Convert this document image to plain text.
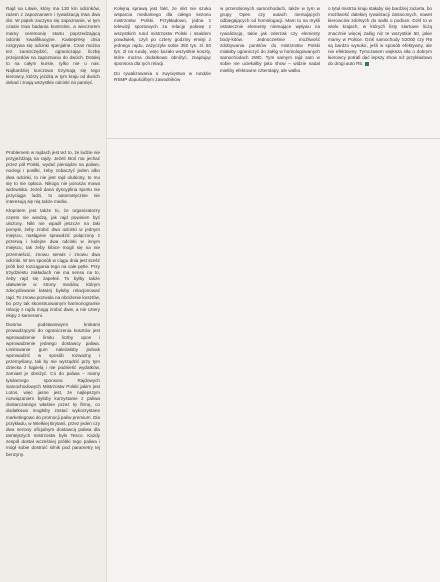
Rajd na Litwie, który ma 130 km odcinków, razem z zapoznaniem i rywalizacją trwa dwa dni. W piątek zaczyna się zapoznanie, w tym czasie trwa badania kontrolne, a wieczorem mamy ceremonię startu poprzedzającą odcinki kwalifikacyjne. Kastepresy dnia rozgrywa się odcinki specjalne. Czas można też zaoszczędzić, ograniczając liczbę przejazdów na zapoznaniu do dwóch. Dotalej to na całym kursie, tylko nie u nas. Najbardziej kurczowo trzymają się tego kierowcy, którzy jeżdżą w tym kraju od dwóch dekad i znają wszystkie odcinki na pamięć.

Problemem w rajdach jest też to, że ludzie nie przyjeżdżają na rajdy. Jeżeli ktoś ma jechać przez pół Polski, wydać pieniądze na paliwo, noclegi i posiłki, żeby zobaczyć jeden albo dwa odcinki, to nie jest rajd ulubiony, to mu się to nie opłaca. Nikogo nie porusza mowa widowiska. Jeżeli dana dyscyplina sportu nie przyciąga ludzi, to automatycznie nie interesują się nią także media.

Kłopotem jest także to, że organizatorzy często nie wiedzą, jak rajd powinien być ułożony. Nikt nie wpadł jeszcze na taki pomysł, żeby zrobić dwa odcinki w jednym miejscu, nasłąpnie sprawdzić połączony z przerwą i kolejne dwa odcinki w innym miejscu, tak żeby kibice mogli się na nie przemieścić, znowu serwis i znowu dwa odcinki. W ten sposób w ciągu dnia jest sześć prób bez rozciągania tego na całe pętle. Przy trzydziestu zakładach nie ma sensu na to, żeby rajd się zapełnił. To byłby także ułatwienie w strony mediów, którym zdecydowanie łatwiej byłoby relacjonować rajd. To znowu pozwala na obniżenie kosztów, bo przy tak skonstruowanym harmonogramie relację z rajdu mogą zrobić dwie, a nie cztery ekipy z kamerami.

Dwoma podstawowymi krokami prowadzącymi do ograniczenia kosztów jest wprowadzenie limitu liczby opon i wprowadzenie jednego dostawcy paliwa. Limitowanie gum należałoby jednak wprowadzić w sposób rozważny i przemyślany, tak by nie wyrządzić przy tym dziecka z kąpielą i nie podnieść wydatków, zamiast je obniżyć. Co do paliwa – mamy tytularnego sponsora Rajdowych Samochodowych Mistrzostw Polski jakim jest Lotos, więc jasne jest, że najlepszym rozwiązaniem byłoby korzystanie z paliwa dostarczanego właśnie przez tę firmę, co dodatkowo mogłoby zostać wykorzystane marketingowo do promocji paliw premium. Dla przykładu, w Wielkiej Brytanii, przez jeden czy dwa sezony oficjalnym dostawcą paliwa dla tamtejszych mistrzostw było Tesco. Każdy zespół dostał wcześniej próbki tego paliwa i mógł sobie dostroić silnik pod parametry tej benzyny.

Kolejną sprawą jest fakt, że nikt nie szuka wsparcia medialnego dla całego sezonu mistrzostw Polski. Przykładowo, jedna z telewizji sportowych za relację połowę z wszystkich rund mistrzostw Polski i ssaldem powdwiek, czyli po cztery godziny emisji z jednego rajdu, zażyczyła sobie 350 tys. zł. 50 tys. zł na rundę, więc kazało wszystkie koszty, które można dodatkowo obniżyć, znajdując sponsora dla tych relacji.

Do rywalizowania o zwycięstwo w rundzie RSMP dopuściłbym zawodników

w przerobionych samochodach, także w tym w grupy Open czy autach niemających odbiegających od homologacji. Mam tu na myśli ostatecznie elementy niemające wpływu na rywalizację, takie jak zderzak czy elementy body-kitów. Jednocześnie możliwość zdobywania punktów do mistrzostw Polski miałaby ograniczyć do załóg w homologowanych samochodach 2WD. Tym samym rajd sam w sobie nie uciekałby jako show – widzie nadal mieliby efektowne czterołapy, ale walka

o tytuł mistrza kraju stałaby się bardziej zażarta, bo możliwość dalekiej rywalizacji zatraconych, nawet kierowców zdolnych do walki o podium. Dziś to w wielu krajach, w których listy startowe liczą znacznie więcej załóg niż te wszystkie 50, jakie mamy w Polsce. Dziś samochody S2000 czy R5 są bardzo wysoko, jeśli w sposób efektywny, ale nie efektowny. Tymczasem większa siła o dobrym kierowcy potrafi dać lepszy show niż przykładowo do drogi auto R5.
